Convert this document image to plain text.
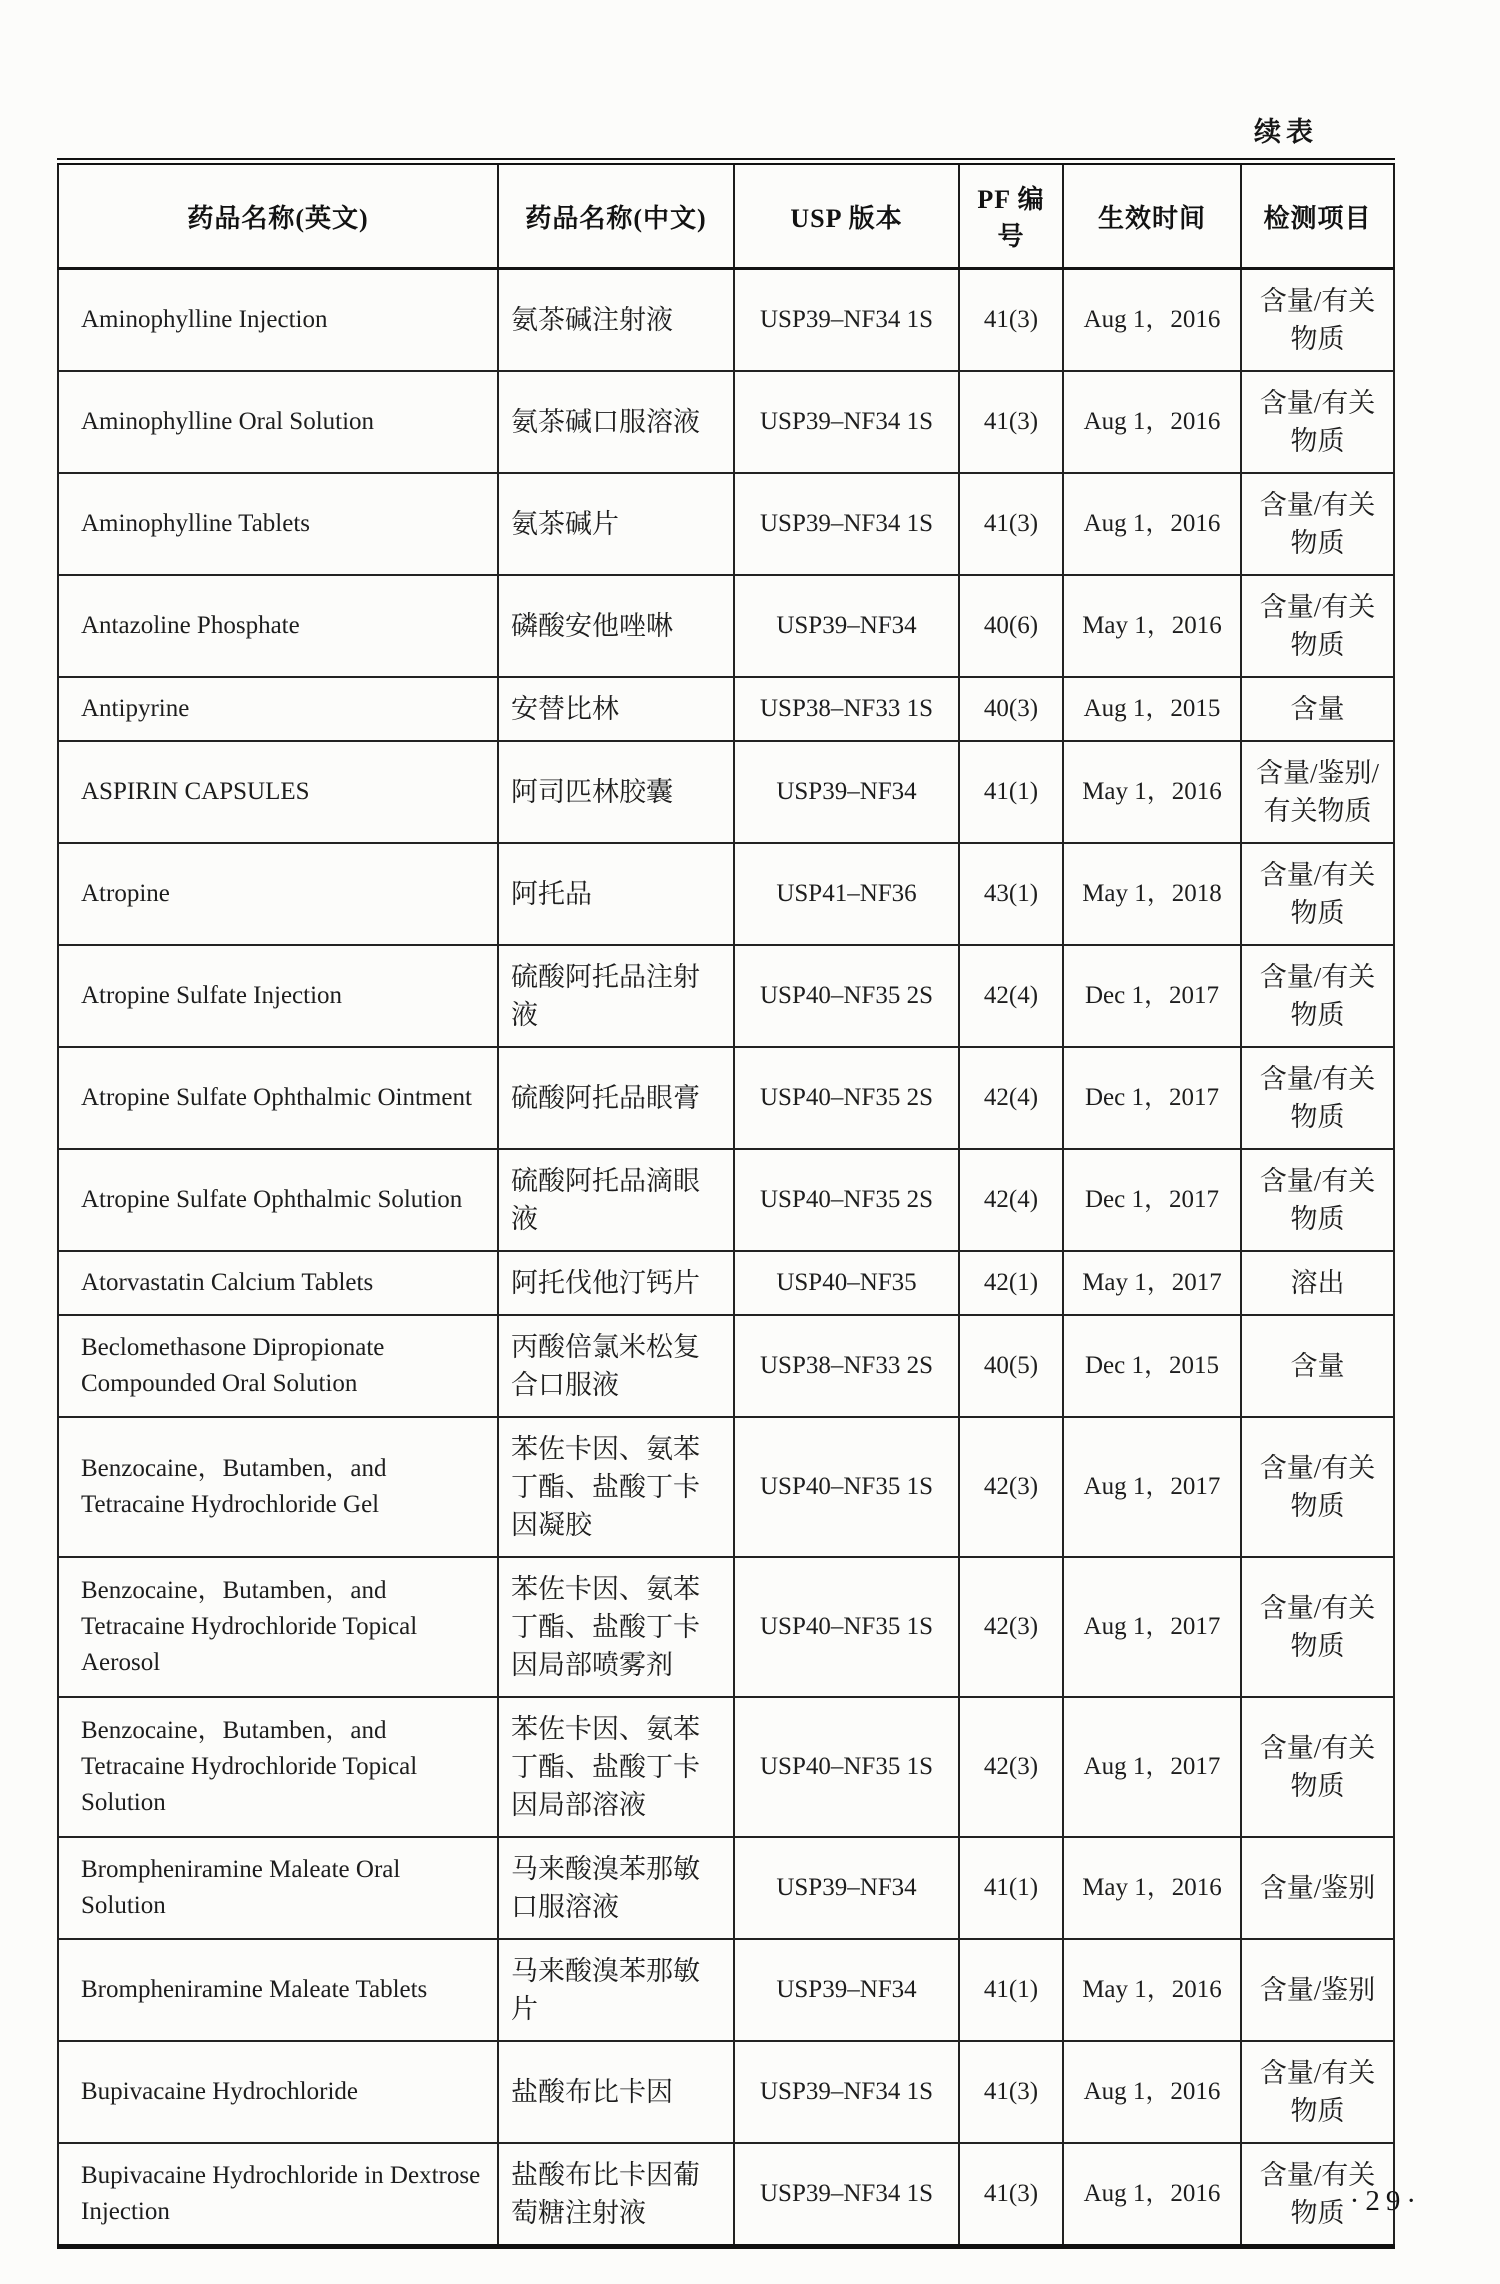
续表
药品名称(英文)	药品名称(中文)	USP 版本	PF 编号	生效时间	检测项目
Aminophylline Injection	氨茶碱注射液	USP39–NF34 1S	41(3)	Aug 1，2016	含量/有关物质
Aminophylline Oral Solution	氨茶碱口服溶液	USP39–NF34 1S	41(3)	Aug 1，2016	含量/有关物质
Aminophylline Tablets	氨茶碱片	USP39–NF34 1S	41(3)	Aug 1，2016	含量/有关物质
Antazoline Phosphate	磷酸安他唑啉	USP39–NF34	40(6)	May 1，2016	含量/有关物质
Antipyrine	安替比林	USP38–NF33 1S	40(3)	Aug 1，2015	含量
ASPIRIN CAPSULES	阿司匹林胶囊	USP39–NF34	41(1)	May 1，2016	含量/鉴别/有关物质
Atropine	阿托品	USP41–NF36	43(1)	May 1，2018	含量/有关物质
Atropine Sulfate Injection	硫酸阿托品注射液	USP40–NF35 2S	42(4)	Dec 1，2017	含量/有关物质
Atropine Sulfate Ophthalmic Ointment	硫酸阿托品眼膏	USP40–NF35 2S	42(4)	Dec 1，2017	含量/有关物质
Atropine Sulfate Ophthalmic Solution	硫酸阿托品滴眼液	USP40–NF35 2S	42(4)	Dec 1，2017	含量/有关物质
Atorvastatin Calcium Tablets	阿托伐他汀钙片	USP40–NF35	42(1)	May 1，2017	溶出
Beclomethasone Dipropionate Compounded Oral Solution	丙酸倍氯米松复合口服液	USP38–NF33 2S	40(5)	Dec 1，2015	含量
Benzocaine，Butamben，and Tetracaine Hydrochloride Gel	苯佐卡因、氨苯丁酯、盐酸丁卡因凝胶	USP40–NF35 1S	42(3)	Aug 1，2017	含量/有关物质
Benzocaine，Butamben，and Tetracaine Hydrochloride Topical Aerosol	苯佐卡因、氨苯丁酯、盐酸丁卡因局部喷雾剂	USP40–NF35 1S	42(3)	Aug 1，2017	含量/有关物质
Benzocaine，Butamben，and Tetracaine Hydrochloride Topical Solution	苯佐卡因、氨苯丁酯、盐酸丁卡因局部溶液	USP40–NF35 1S	42(3)	Aug 1，2017	含量/有关物质
Brompheniramine Maleate Oral Solution	马来酸溴苯那敏口服溶液	USP39–NF34	41(1)	May 1，2016	含量/鉴别
Brompheniramine Maleate Tablets	马来酸溴苯那敏片	USP39–NF34	41(1)	May 1，2016	含量/鉴别
Bupivacaine Hydrochloride	盐酸布比卡因	USP39–NF34 1S	41(3)	Aug 1，2016	含量/有关物质
Bupivacaine Hydrochloride in Dextrose Injection	盐酸布比卡因葡萄糖注射液	USP39–NF34 1S	41(3)	Aug 1，2016	含量/有关物质 ·29·
